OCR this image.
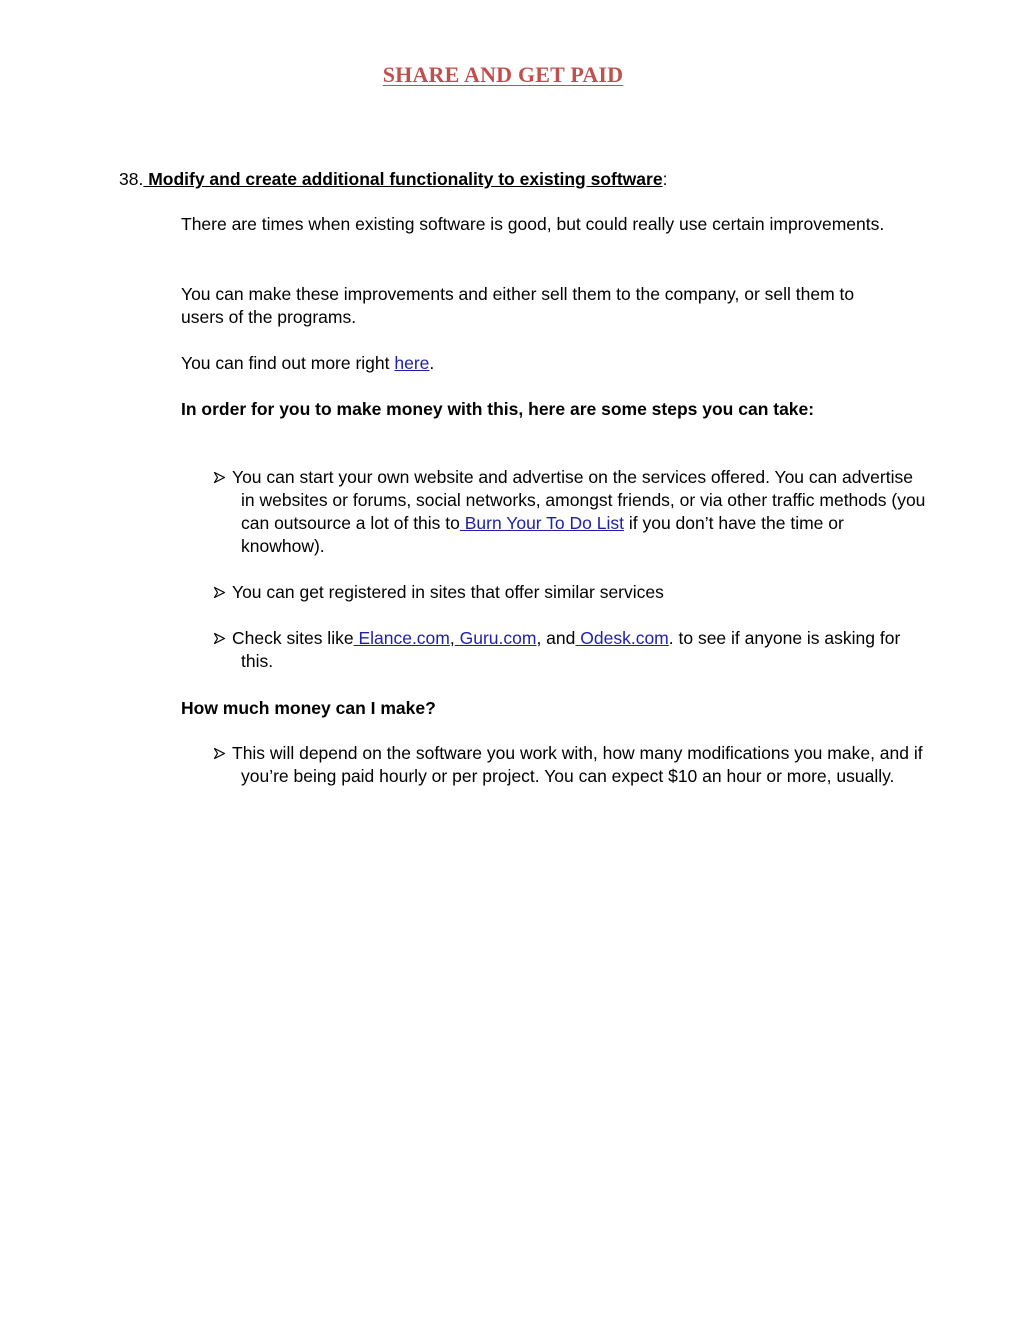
SHARE AND GET PAID
38. Modify and create additional functionality to existing software:

There are times when existing software is good, but could really use certain improvements.

You can make these improvements and either sell them to the company, or sell them to users of the programs.

You can find out more right here.

In order for you to make money with this, here are some steps you can take:

You can start your own website and advertise on the services offered. You can advertise in websites or forums, social networks, amongst friends, or via other traffic methods (you can outsource a lot of this to Burn Your To Do List if you don’t have the time or knowhow).

You can get registered in sites that offer similar services

Check sites like Elance.com, Guru.com, and Odesk.com. to see if anyone is asking for this.

How much money can I make?

This will depend on the software you work with, how many modifications you make, and if you’re being paid hourly or per project. You can expect $10 an hour or more, usually.
